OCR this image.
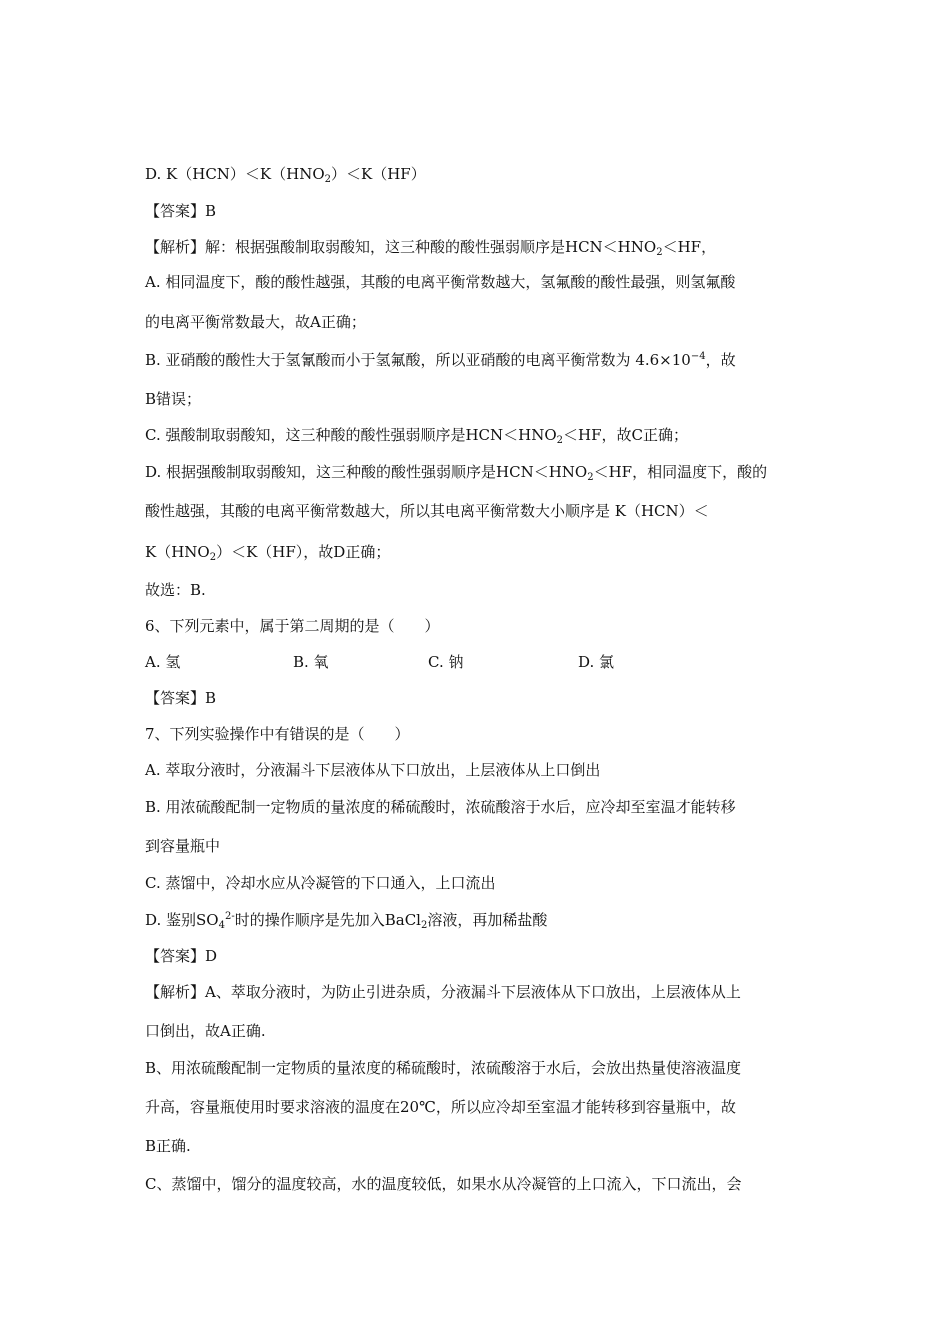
D. $K(HCN)<K(HNO_2)<K(HF)$
【答案】B
【解析】解：根据强酸制取弱酸知，这三种酸的酸性强弱顺序是$HCN<HNO_2<HF$，
A. 相同温度下，酸的酸性越强，其酸的电离平衡常数越大，氢氟酸的酸性最强，则氢氟酸
的电离平衡常数最大，故A正确；
B. 亚硝酸的酸性大于氢氰酸而小于氢氟酸，所以亚硝酸的电离平衡常数为 $4.6\times 10^{-4}$，故
B错误；
C. 强酸制取弱酸知，这三种酸的酸性强弱顺序是$HCN<HNO_2<HF$，故C正确；
D. 根据强酸制取弱酸知，这三种酸的酸性强弱顺序是$HCN<HNO_2<HF$，相同温度下，酸的
酸性越强，其酸的电离平衡常数越大，所以其电离平衡常数大小顺序是 K（HCN）＜
$K(HNO_2)<K(HF)$，故D正确；
故选：B.
6、下列元素中，属于第二周期的是（　　）
A. 氢	B. 氧	C. 钠	D. 氯
【答案】B
7、下列实验操作中有错误的是（　　）
A. 萃取分液时，分液漏斗下层液体从下口放出，上层液体从上口倒出
B. 用浓硫酸配制一定物质的量浓度的稀硫酸时，浓硫酸溶于水后，应冷却至室温才能转移
到容量瓶中
C. 蒸馏中，冷却水应从冷凝管的下口通入，上口流出
D. 鉴别$SO_4^{2-}$时的操作顺序是先加入BaCl$_2$溶液，再加稀盐酸
【答案】D
【解析】A、萃取分液时，为防止引进杂质，分液漏斗下层液体从下口放出，上层液体从上
口倒出，故A正确.
B、用浓硫酸配制一定物质的量浓度的稀硫酸时，浓硫酸溶于水后，会放出热量使溶液温度
升高，容量瓶使用时要求溶液的温度在20℃，所以应冷却至室温才能转移到容量瓶中，故
B正确.
C、蒸馏中，馏分的温度较高，水的温度较低，如果水从冷凝管的上口流入，下口流出，会
